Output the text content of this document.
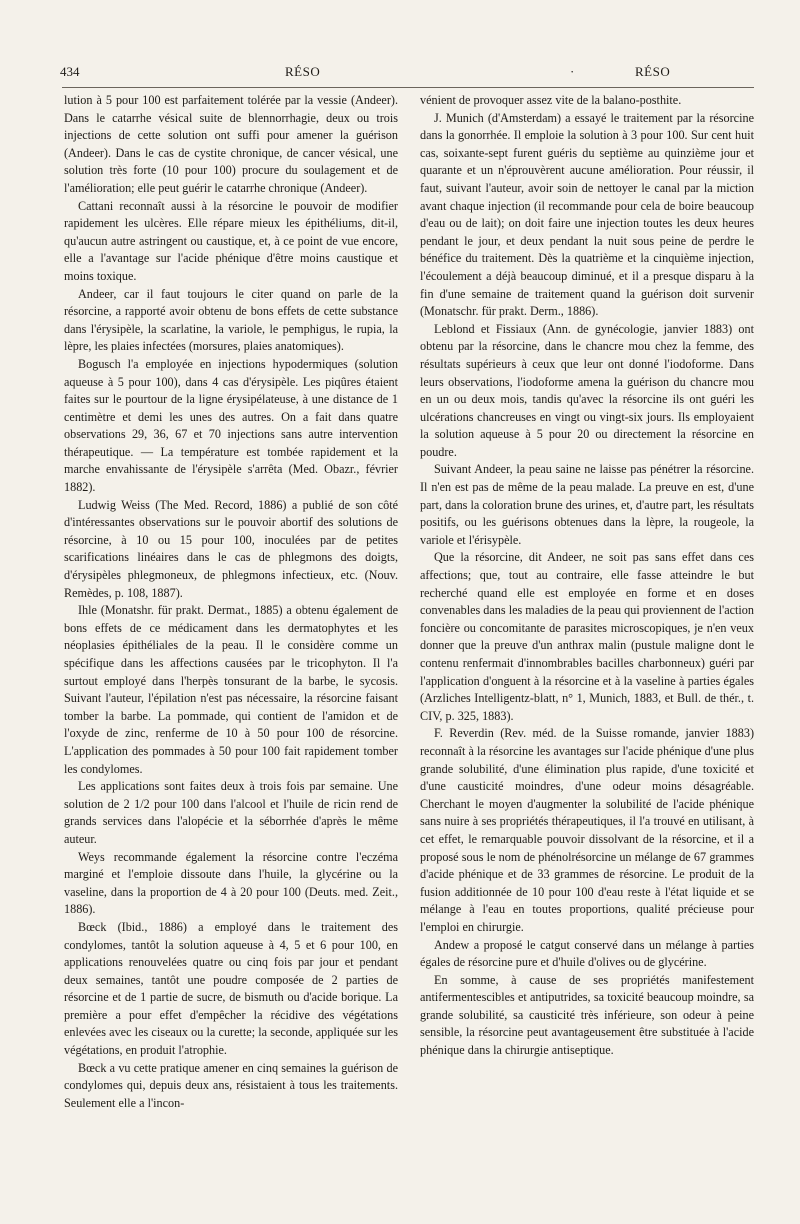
434	RÉSO	·	RÉSO

lution à 5 pour 100 est parfaitement tolérée par la vessie (Andeer). Dans le catarrhe vésical suite de blennorrhagie, deux ou trois injections de cette solution ont suffi pour amener la guérison (Andeer). Dans le cas de cystite chronique, de cancer vésical, une solution très forte (10 pour 100) procure du soulagement et de l'amélioration; elle peut guérir le catarrhe chronique (Andeer).

Cattani reconnaît aussi à la résorcine le pouvoir de modifier rapidement les ulcères. Elle répare mieux les épithéliums, dit-il, qu'aucun autre astringent ou caustique, et, à ce point de vue encore, elle a l'avantage sur l'acide phénique d'être moins caustique et moins toxique.

Andeer, car il faut toujours le citer quand on parle de la résorcine, a rapporté avoir obtenu de bons effets de cette substance dans l'érysipèle, la scarlatine, la variole, le pemphigus, le rupia, la lèpre, les plaies infectées (morsures, plaies anatomiques).

Bogusch l'a employée en injections hypodermiques (solution aqueuse à 5 pour 100), dans 4 cas d'érysipèle. Les piqûres étaient faites sur le pourtour de la ligne érysipélateuse, à une distance de 1 centimètre et demi les unes des autres. On a fait dans quatre observations 29, 36, 67 et 70 injections sans autre intervention thérapeutique. — La température est tombée rapidement et la marche envahissante de l'érysipèle s'arrêta (Med. Obazr., février 1882).

Ludwig Weiss (The Med. Record, 1886) a publié de son côté d'intéressantes observations sur le pouvoir abortif des solutions de résorcine, à 10 ou 15 pour 100, inoculées par de petites scarifications linéaires dans le cas de phlegmons des doigts, d'érysipèles phlegmoneux, de phlegmons infectieux, etc. (Nouv. Remèdes, p. 108, 1887).

Ihle (Monatshr. für prakt. Dermat., 1885) a obtenu également de bons effets de ce médicament dans les dermatophytes et les néoplasies épithéliales de la peau. Il le considère comme un spécifique dans les affections causées par le tricophyton. Il l'a surtout employé dans l'herpès tonsurant de la barbe, le sycosis. Suivant l'auteur, l'épilation n'est pas nécessaire, la résorcine faisant tomber la barbe. La pommade, qui contient de l'amidon et de l'oxyde de zinc, renferme de 10 à 50 pour 100 de résorcine. L'application des pommades à 50 pour 100 fait rapidement tomber les condylomes.

Les applications sont faites deux à trois fois par semaine. Une solution de 2 1/2 pour 100 dans l'alcool et l'huile de ricin rend de grands services dans l'alopécie et la séborrhée d'après le même auteur.

Weys recommande également la résorcine contre l'eczéma marginé et l'emploie dissoute dans l'huile, la glycérine ou la vaseline, dans la proportion de 4 à 20 pour 100 (Deuts. med. Zeit., 1886).

Bœck (Ibid., 1886) a employé dans le traitement des condylomes, tantôt la solution aqueuse à 4, 5 et 6 pour 100, en applications renouvelées quatre ou cinq fois par jour et pendant deux semaines, tantôt une poudre composée de 2 parties de résorcine et de 1 partie de sucre, de bismuth ou d'acide borique. La première a pour effet d'empêcher la récidive des végétations enlevées avec les ciseaux ou la curette; la seconde, appliquée sur les végétations, en produit l'atrophie.

Bœck a vu cette pratique amener en cinq semaines la guérison de condylomes qui, depuis deux ans, résistaient à tous les traitements. Seulement elle a l'incon-

vénient de provoquer assez vite de la balano-posthite.

J. Munich (d'Amsterdam) a essayé le traitement par la résorcine dans la gonorrhée. Il emploie la solution à 3 pour 100. Sur cent huit cas, soixante-sept furent guéris du septième au quinzième jour et quarante et un n'éprouvèrent aucune amélioration. Pour réussir, il faut, suivant l'auteur, avoir soin de nettoyer le canal par la miction avant chaque injection (il recommande pour cela de boire beaucoup d'eau ou de lait); on doit faire une injection toutes les deux heures pendant le jour, et deux pendant la nuit sous peine de perdre le bénéfice du traitement. Dès la quatrième et la cinquième injection, l'écoulement a déjà beaucoup diminué, et il a presque disparu à la fin d'une semaine de traitement quand la guérison doit survenir (Monatschr. für prakt. Derm., 1886).

Leblond et Fissiaux (Ann. de gynécologie, janvier 1883) ont obtenu par la résorcine, dans le chancre mou chez la femme, des résultats supérieurs à ceux que leur ont donné l'iodoforme. Dans leurs observations, l'iodoforme amena la guérison du chancre mou en un ou deux mois, tandis qu'avec la résorcine ils ont guéri les ulcérations chancreuses en vingt ou vingt-six jours. Ils employaient la solution aqueuse à 5 pour 20 ou directement la résorcine en poudre.

Suivant Andeer, la peau saine ne laisse pas pénétrer la résorcine. Il n'en est pas de même de la peau malade. La preuve en est, d'une part, dans la coloration brune des urines, et, d'autre part, les résultats positifs, ou les guérisons obtenues dans la lèpre, la rougeole, la variole et l'érisypèle.

Que la résorcine, dit Andeer, ne soit pas sans effet dans ces affections; que, tout au contraire, elle fasse atteindre le but recherché quand elle est employée en forme et en doses convenables dans les maladies de la peau qui proviennent de l'action foncière ou concomitante de parasites microscopiques, je n'en veux donner que la preuve d'un anthrax malin (pustule maligne dont le contenu renfermait d'innombrables bacilles charbonneux) guéri par l'application d'onguent à la résorcine et à la vaseline à parties égales (Arzliches Intelligentz-blatt, n° 1, Munich, 1883, et Bull. de thér., t. CIV, p. 325, 1883).

F. Reverdin (Rev. méd. de la Suisse romande, janvier 1883) reconnaît à la résorcine les avantages sur l'acide phénique d'une plus grande solubilité, d'une élimination plus rapide, d'une toxicité et d'une causticité moindres, d'une odeur moins désagréable. Cherchant le moyen d'augmenter la solubilité de l'acide phénique sans nuire à ses propriétés thérapeutiques, il l'a trouvé en utilisant, à cet effet, le remarquable pouvoir dissolvant de la résorcine, et il a proposé sous le nom de phénolrésorcine un mélange de 67 grammes d'acide phénique et de 33 grammes de résorcine. Le produit de la fusion additionnée de 10 pour 100 d'eau reste à l'état liquide et se mélange à l'eau en toutes proportions, qualité précieuse pour l'emploi en chirurgie.

Andew a proposé le catgut conservé dans un mélange à parties égales de résorcine pure et d'huile d'olives ou de glycérine.

En somme, à cause de ses propriétés manifestement antifermentescibles et antiputrides, sa toxicité beaucoup moindre, sa grande solubilité, sa causticité très inférieure, son odeur à peine sensible, la résorcine peut avantageusement être substituée à l'acide phénique dans la chirurgie antiseptique.
